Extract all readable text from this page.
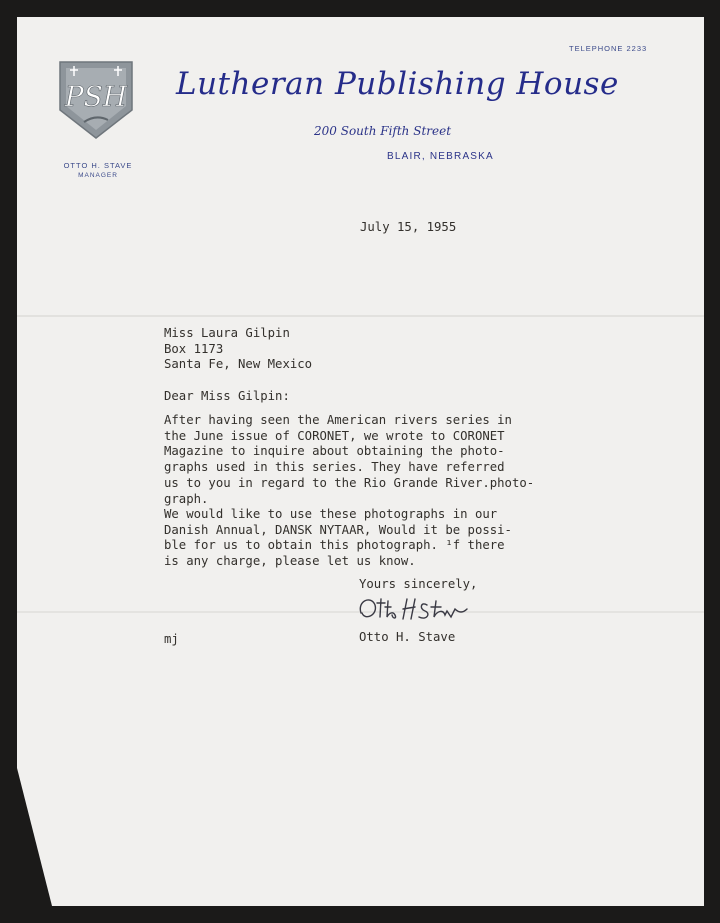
PSH

TELEPHONE 2233

Lutheran Publishing House

200 South Fifth Street

BLAIR, NEBRASKA

OTTO H. STAVE

MANAGER

July 15, 1955

Miss Laura Gilpin
Box 1173
Santa Fe, New Mexico

Dear Miss Gilpin:

After having seen the American rivers series in
the June issue of CORONET, we wrote to CORONET
Magazine to inquire about obtaining the photo-
graphs used in this series. They have referred
us to you in regard to the Rio Grande River.photo-
graph.
We would like to use these photographs in our
Danish Annual, DANSK NYTAAR, Would it be possi-
ble for us to obtain this photograph. ¹f there
is any charge, please let us know.

Yours sincerely,

Otto H. Stave

mj
